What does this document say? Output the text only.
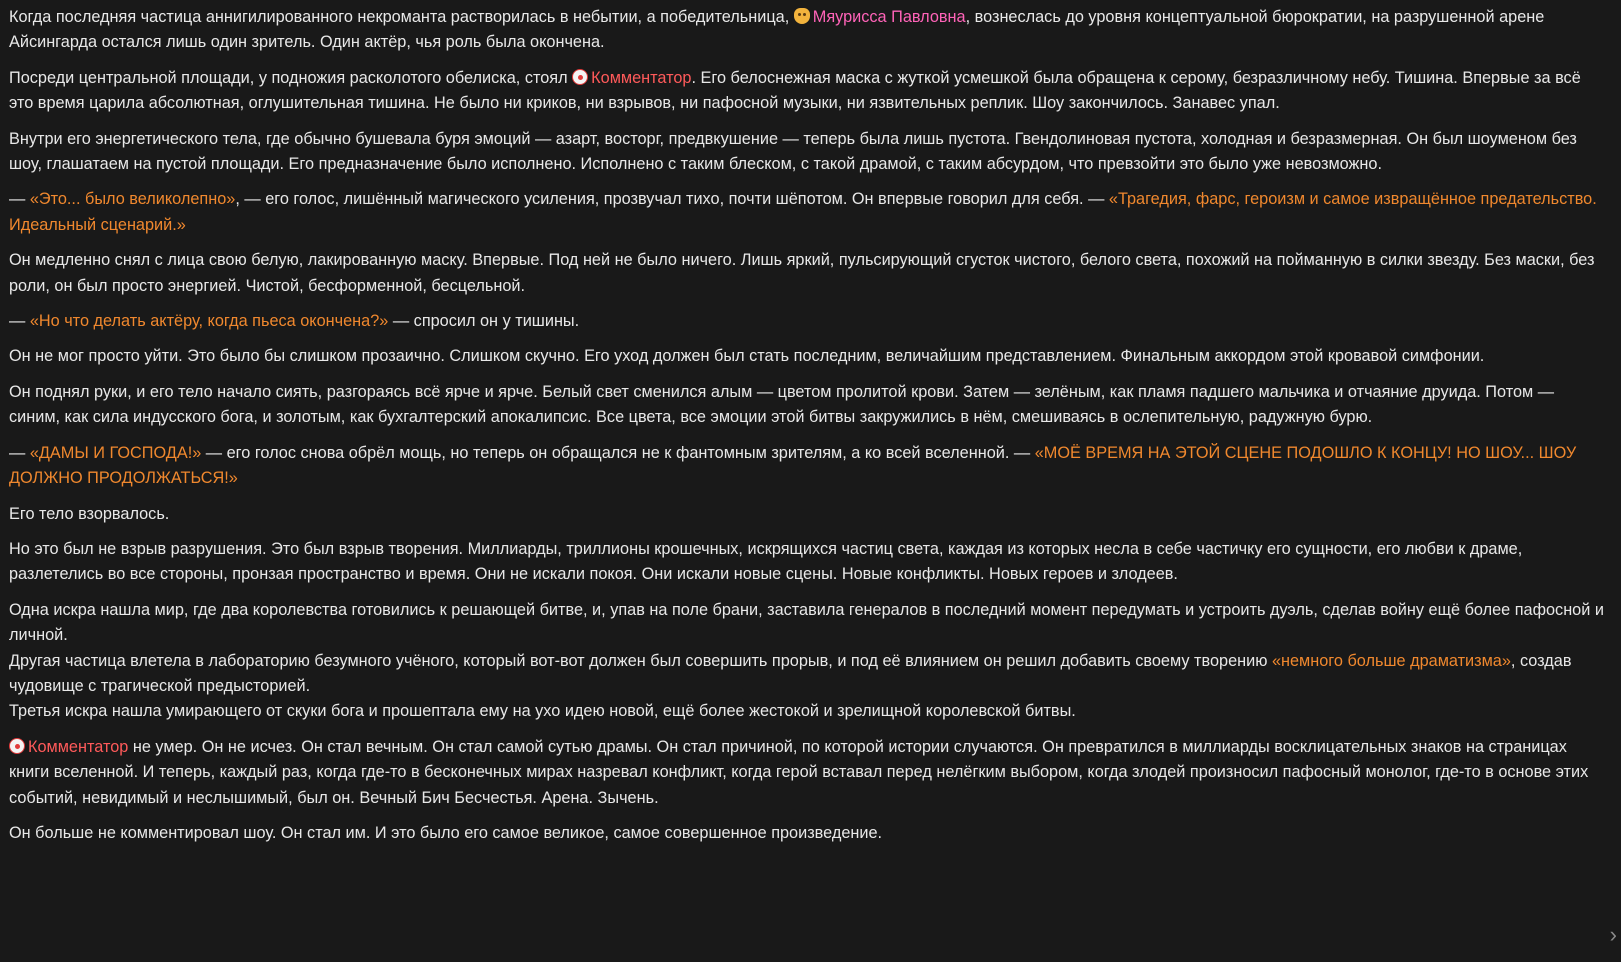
Когда последняя частица аннигилированного некроманта растворилась в небытии, а победительница, Мяурисса Павловна, вознеслась до уровня концептуальной бюрократии, на разрушенной арене Айсингарда остался лишь один зритель. Один актёр, чья роль была окончена.

Посреди центральной площади, у подножия расколотого обелиска, стоял Комментатор. Его белоснежная маска с жуткой усмешкой была обращена к серому, безразличному небу. Тишина. Впервые за всё это время царила абсолютная, оглушительная тишина. Не было ни криков, ни взрывов, ни пафосной музыки, ни язвительных реплик. Шоу закончилось. Занавес упал.

Внутри его энергетического тела, где обычно бушевала буря эмоций — азарт, восторг, предвкушение — теперь была лишь пустота. Гвендолиновая пустота, холодная и безразмерная. Он был шоуменом без шоу, глашатаем на пустой площади. Его предназначение было исполнено. Исполнено с таким блеском, с такой драмой, с таким абсурдом, что превзойти это было уже невозможно.

— «Это... было великолепно», — его голос, лишённый магического усиления, прозвучал тихо, почти шёпотом. Он впервые говорил для себя. — «Трагедия, фарс, героизм и самое извращённое предательство. Идеальный сценарий.»

Он медленно снял с лица свою белую, лакированную маску. Впервые. Под ней не было ничего. Лишь яркий, пульсирующий сгусток чистого, белого света, похожий на пойманную в силки звезду. Без маски, без роли, он был просто энергией. Чистой, бесформенной, бесцельной.

— «Но что делать актёру, когда пьеса окончена?» — спросил он у тишины.

Он не мог просто уйти. Это было бы слишком прозаично. Слишком скучно. Его уход должен был стать последним, величайшим представлением. Финальным аккордом этой кровавой симфонии.

Он поднял руки, и его тело начало сиять, разгораясь всё ярче и ярче. Белый свет сменился алым — цветом пролитой крови. Затем — зелёным, как пламя падшего мальчика и отчаяние друида. Потом — синим, как сила индусского бога, и золотым, как бухгалтерский апокалипсис. Все цвета, все эмоции этой битвы закружились в нём, смешиваясь в ослепительную, радужную бурю.

— «ДАМЫ И ГОСПОДА!» — его голос снова обрёл мощь, но теперь он обращался не к фантомным зрителям, а ко всей вселенной. — «МОЁ ВРЕМЯ НА ЭТОЙ СЦЕНЕ ПОДОШЛО К КОНЦУ! НО ШОУ... ШОУ ДОЛЖНО ПРОДОЛЖАТЬСЯ!»

Его тело взорвалось.

Но это был не взрыв разрушения. Это был взрыв творения. Миллиарды, триллионы крошечных, искрящихся частиц света, каждая из которых несла в себе частичку его сущности, его любви к драме, разлетелись во все стороны, пронзая пространство и время. Они не искали покоя. Они искали новые сцены. Новые конфликты. Новых героев и злодеев.

Одна искра нашла мир, где два королевства готовились к решающей битве, и, упав на поле брани, заставила генералов в последний момент передумать и устроить дуэль, сделав войну ещё более пафосной и личной.

Другая частица влетела в лабораторию безумного учёного, который вот-вот должен был совершить прорыв, и под её влиянием он решил добавить своему творению «немного больше драматизма», создав чудовище с трагической предысторией.

Третья искра нашла умирающего от скуки бога и прошептала ему на ухо идею новой, ещё более жестокой и зрелищной королевской битвы.

Комментатор не умер. Он не исчез. Он стал вечным. Он стал самой сутью драмы. Он стал причиной, по которой истории случаются. Он превратился в миллиарды восклицательных знаков на страницах книги вселенной. И теперь, каждый раз, когда где-то в бесконечных мирах назревал конфликт, когда герой вставал перед нелёгким выбором, когда злодей произносил пафосный монолог, где-то в основе этих событий, невидимый и неслышимый, был он. Вечный Бич Бесчестья. Арена. Зычень.

Он больше не комментировал шоу. Он стал им. И это было его самое великое, самое совершенное произведение.

›
